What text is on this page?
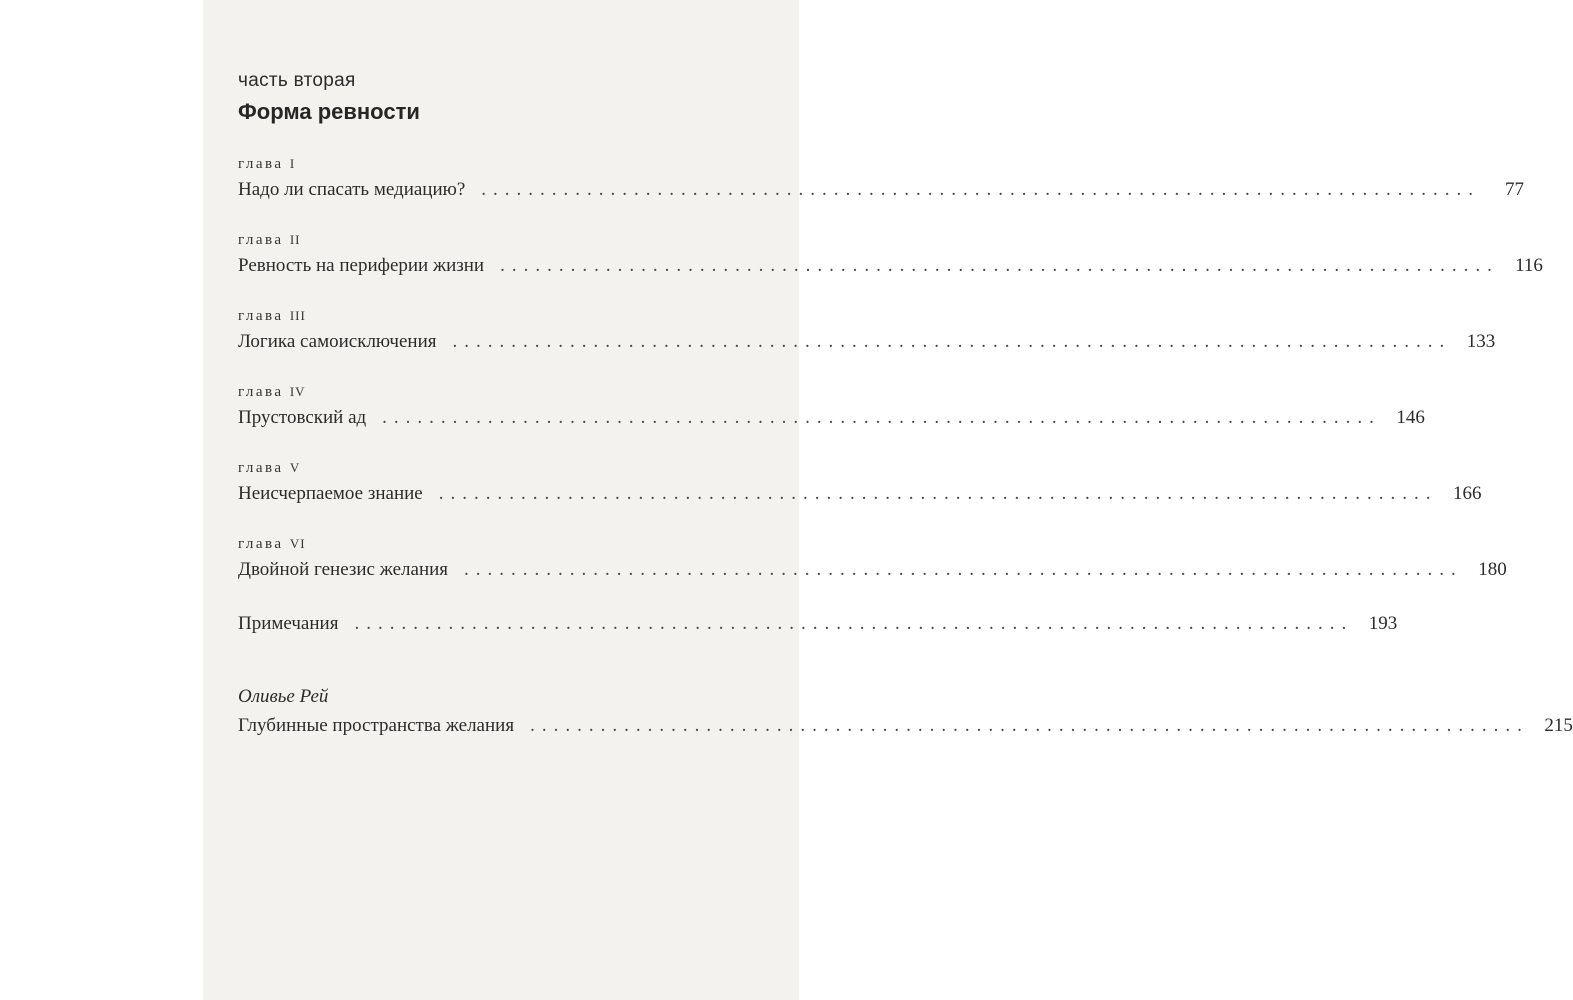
часть вторая
Форма ревности
глава I
Надо ли спасать медиацию? .....................................................................................	77
глава II
Ревность на периферии жизни ..................................................................................... 116
глава III
Логика самоисключения ..................................................................................... 133
глава IV
Прустовский ад ..................................................................................... 146
глава V
Неисчерпаемое знание ..................................................................................... 166
глава VI
Двойной генезис желания ..................................................................................... 180
Примечания ..................................................................................... 193
Оливье Рей
Глубинные пространства желания ..................................................................................... 215
